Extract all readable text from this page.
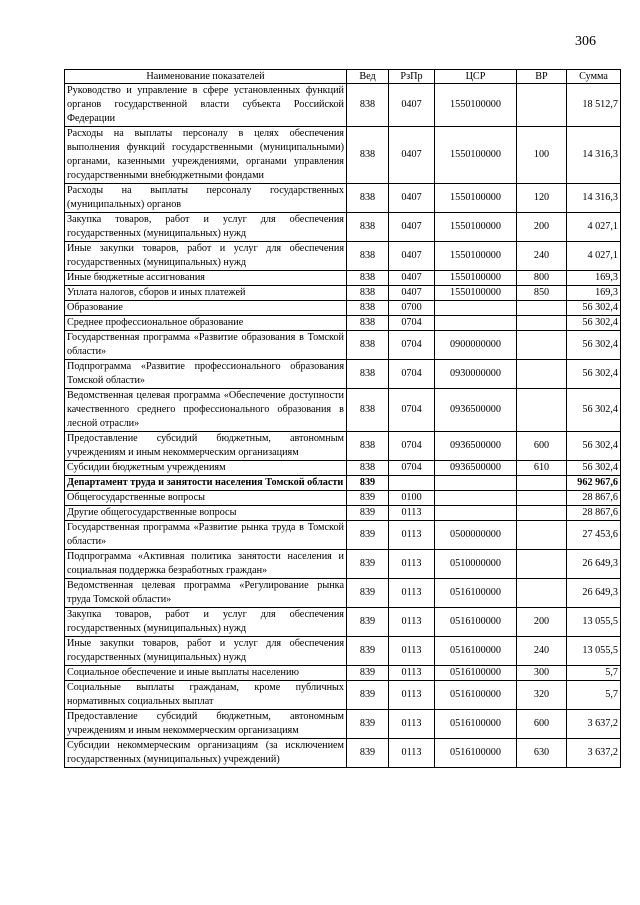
306
Наименование показателей	Вед	РзПр	ЦСР	ВР	Сумма
Руководство и управление в сфере установленных функций органов государственной власти субъекта Российской Федерации	838	0407	1550100000		18 512,7
Расходы на выплаты персоналу в целях обеспечения выполнения функций государственными (муниципальными) органами, казенными учреждениями, органами управления государственными внебюджетными фондами	838	0407	1550100000	100	14 316,3
Расходы на выплаты персоналу государственных (муниципальных) органов	838	0407	1550100000	120	14 316,3
Закупка товаров, работ и услуг для обеспечения государственных (муниципальных) нужд	838	0407	1550100000	200	4 027,1
Иные закупки товаров, работ и услуг для обеспечения государственных (муниципальных) нужд	838	0407	1550100000	240	4 027,1
Иные бюджетные ассигнования	838	0407	1550100000	800	169,3
Уплата налогов, сборов и иных платежей	838	0407	1550100000	850	169,3
Образование	838	0700			56 302,4
Среднее профессиональное образование	838	0704			56 302,4
Государственная программа «Развитие образования в Томской области»	838	0704	0900000000		56 302,4
Подпрограмма «Развитие профессионального образования Томской области»	838	0704	0930000000		56 302,4
Ведомственная целевая программа «Обеспечение доступности качественного среднего профессионального образования в лесной отрасли»	838	0704	0936500000		56 302,4
Предоставление субсидий бюджетным, автономным учреждениям и иным некоммерческим организациям	838	0704	0936500000	600	56 302,4
Субсидии бюджетным учреждениям	838	0704	0936500000	610	56 302,4
Департамент труда и занятости населения Томской области	839				962 967,6
Общегосударственные вопросы	839	0100			28 867,6
Другие общегосударственные вопросы	839	0113			28 867,6
Государственная программа «Развитие рынка труда в Томской области»	839	0113	0500000000		27 453,6
Подпрограмма «Активная политика занятости населения и социальная поддержка безработных граждан»	839	0113	0510000000		26 649,3
Ведомственная целевая программа «Регулирование рынка труда Томской области»	839	0113	0516100000		26 649,3
Закупка товаров, работ и услуг для обеспечения государственных (муниципальных) нужд	839	0113	0516100000	200	13 055,5
Иные закупки товаров, работ и услуг для обеспечения государственных (муниципальных) нужд	839	0113	0516100000	240	13 055,5
Социальное обеспечение и иные выплаты населению	839	0113	0516100000	300	5,7
Социальные выплаты гражданам, кроме публичных нормативных социальных выплат	839	0113	0516100000	320	5,7
Предоставление субсидий бюджетным, автономным учреждениям и иным некоммерческим организациям	839	0113	0516100000	600	3 637,2
Субсидии некоммерческим организациям (за исключением государственных (муниципальных) учреждений)	839	0113	0516100000	630	3 637,2
